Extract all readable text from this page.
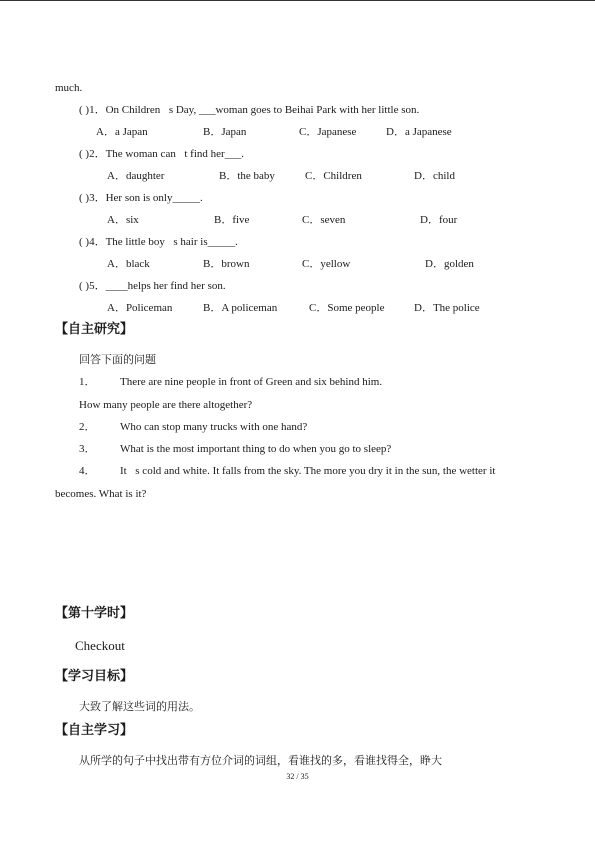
much.
( )1．On Children s Day, ___woman goes to Beihai Park with her little son.
A．a Japan	B．Japan	C．Japanese	D．a Japanese
( )2．The woman can t find her___.
A．daughter	B．the baby	C．Children	D．child
( )3．Her son is only_____.
A．six	B．five	C．seven	D．four
( )4．The little boy s hair is_____.
A．black	B．brown	C．yellow	D．golden
( )5．____helps her find her son.
A．Policeman	B．A policeman	C．Some people	D．The police
【自主研究】
回答下面的问题
1． There are nine people in front of Green and six behind him.
How many people are there altogether?
2． Who can stop many trucks with one hand?
3． What is the most important thing to do when you go to sleep?
4． It s cold and white. It falls from the sky. The more you dry it in the sun, the wetter it
becomes. What is it?
【第十学时】
Checkout
【学习目标】
大致了解这些词的用法。
【自主学习】
从所学的句子中找出带有方位介词的词组，看谁找的多，看谁找得全，睁大
32 / 35
